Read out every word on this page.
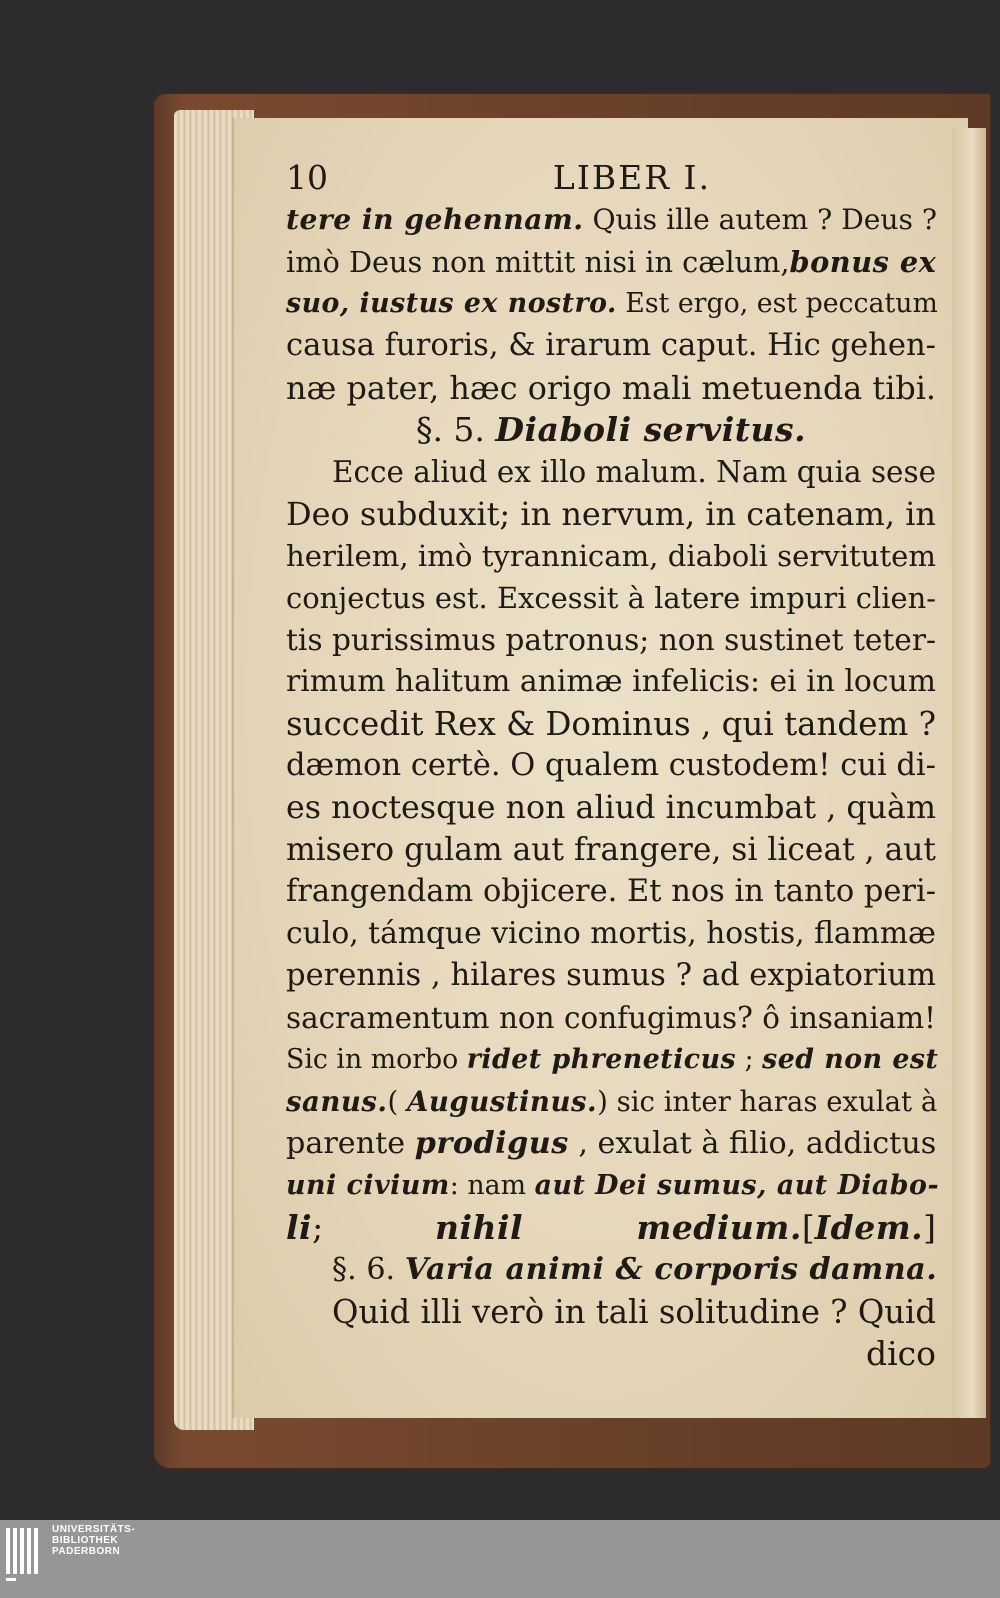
10	LIBER I.
tere in gehennam. Quis ille autem ? Deus ?
imò Deus non mittit nisi in cælum,bonus ex
suo, iustus ex nostro. Est ergo, est peccatum
causa furoris, & irarum caput. Hic gehen-
næ pater, hæc origo mali metuenda tibi.
§. 5. Diaboli servitus.
Ecce aliud ex illo malum. Nam quia sese
Deo subduxit; in nervum, in catenam, in
herilem, imò tyrannicam, diaboli servitutem
conjectus est. Excessit à latere impuri clien-
tis purissimus patronus; non sustinet teter-
rimum halitum animæ infelicis: ei in locum
succedit Rex & Dominus , qui tandem ?
dæmon certè. O qualem custodem! cui di-
es noctesque non aliud incumbat , quàm
misero gulam aut frangere, si liceat , aut
frangendam objicere. Et nos in tanto peri-
culo, támque vicino mortis, hostis, flammæ
perennis , hilares sumus ? ad expiatorium
sacramentum non confugimus? ô insaniam!
Sic in morbo ridet phreneticus ; sed non est
sanus.( Augustinus.) sic inter haras exulat à
parente prodigus , exulat à filio, addictus
uni civium: nam aut Dei sumus, aut Diabo-
li; nihil medium.[Idem.]
§. 6. Varia animi & corporis damna.
Quid illi verò in tali solitudine ? Quid
dico
UNIVERSITÄTS-
BIBLIOTHEK
PADERBORN
